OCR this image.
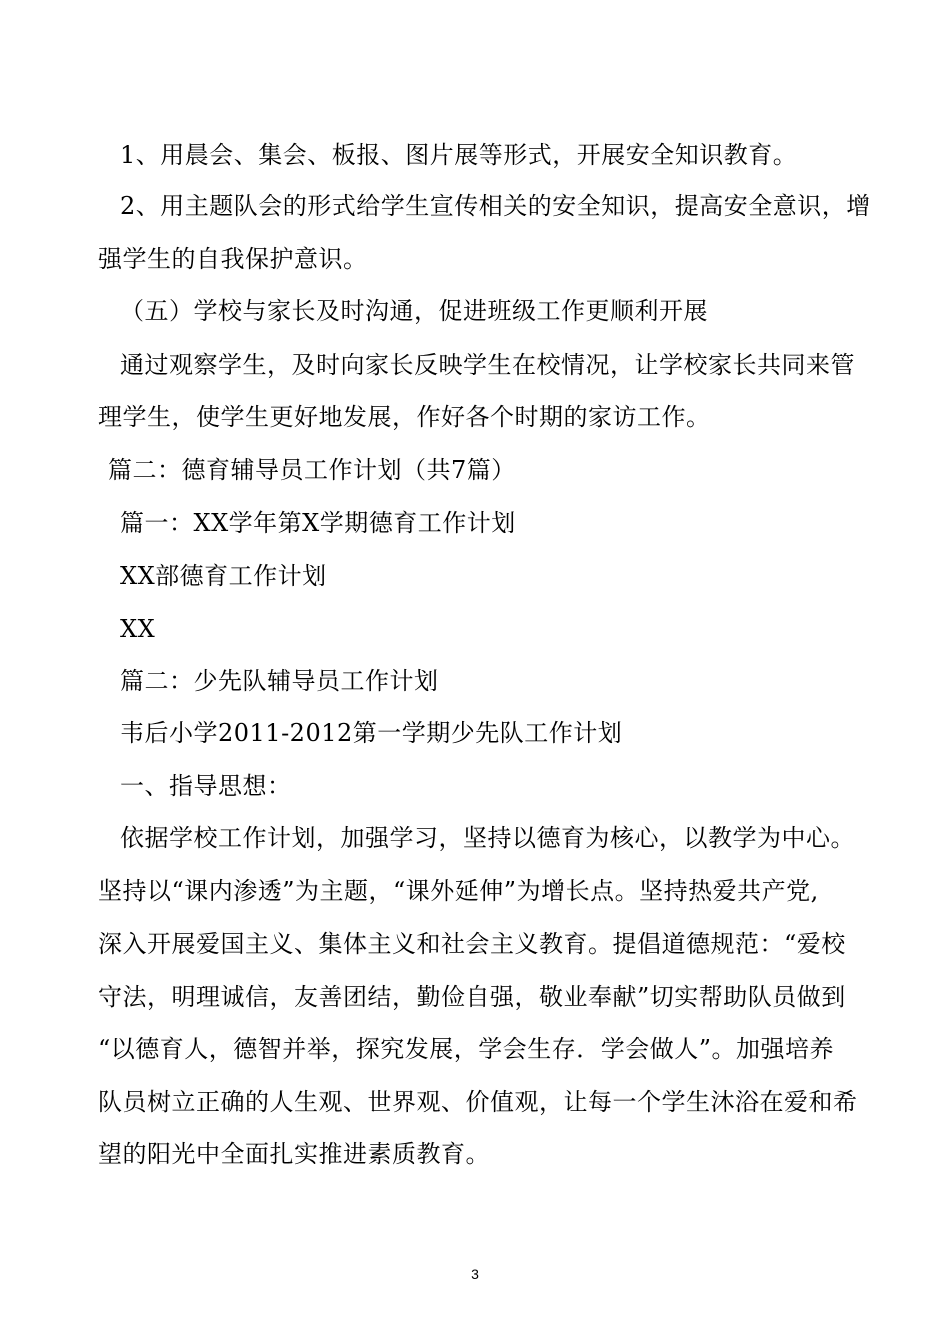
1、用晨会、集会、板报、图片展等形式，开展安全知识教育。
2、用主题队会的形式给学生宣传相关的安全知识，提高安全意识，增
强学生的自我保护意识。
（五）学校与家长及时沟通，促进班级工作更顺利开展
通过观察学生，及时向家长反映学生在校情况，让学校家长共同来管
理学生，使学生更好地发展，作好各个时期的家访工作。
篇二：德育辅导员工作计划（共7篇）
篇一：XX学年第X学期德育工作计划
XX部德育工作计划
XX
篇二：少先队辅导员工作计划
韦后小学2011-2012第一学期少先队工作计划
一、指导思想：
依据学校工作计划，加强学习，坚持以德育为核心，以教学为中心。
坚持以“课内渗透”为主题，“课外延伸”为增长点。坚持热爱共产党,
深入开展爱国主义、集体主义和社会主义教育。提倡道德规范：“爱校
守法，明理诚信，友善团结，勤俭自强，敬业奉献”切实帮助队员做到
“以德育人，德智并举，探究发展，学会生存．学会做人”。加强培养
队员树立正确的人生观、世界观、价值观，让每一个学生沐浴在爱和希
望的阳光中全面扎实推进素质教育。
3
